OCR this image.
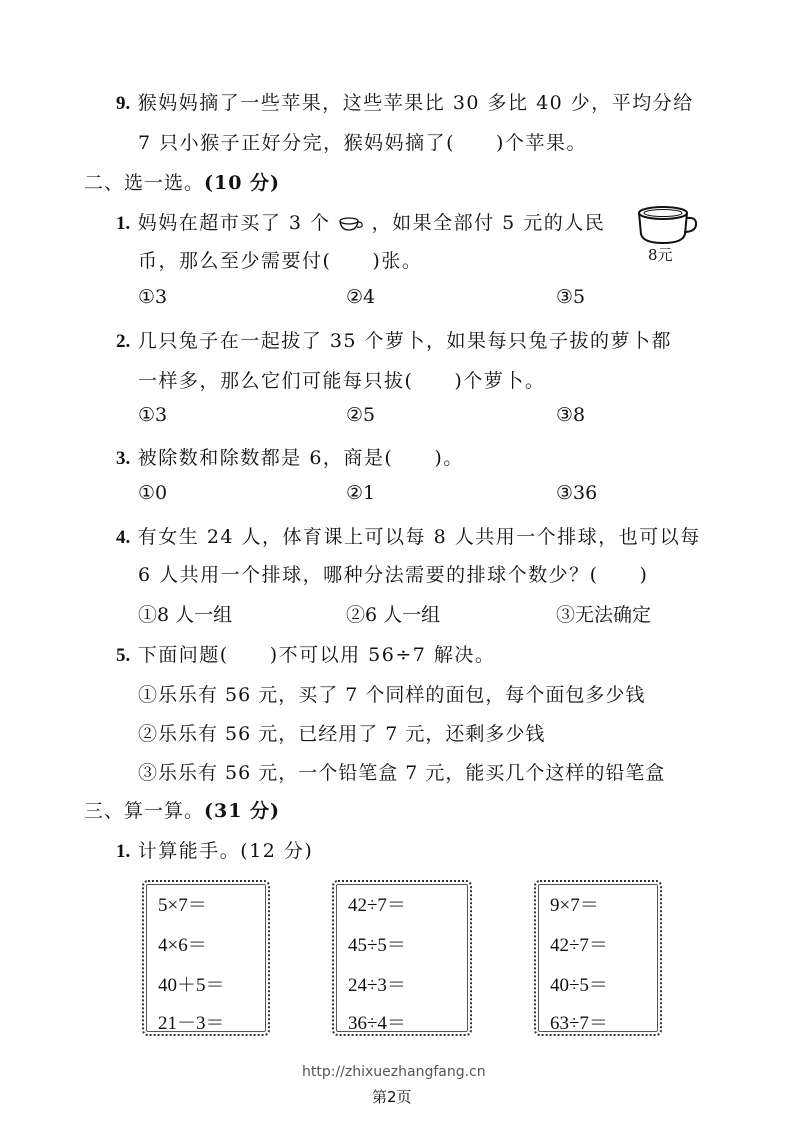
9. 猴妈妈摘了一些苹果，这些苹果比 30 多比 40 少，平均分给
7 只小猴子正好分完，猴妈妈摘了(　　)个苹果。
二、选一选。(10 分)
1. 妈妈在超市买了 3 个 ，如果全部付 5 元的人民
币，那么至少需要付(　　)张。	8元
①3	②4	③5
2. 几只兔子在一起拔了 35 个萝卜，如果每只兔子拔的萝卜都
一样多，那么它们可能每只拔(　　)个萝卜。
①3	②5	③8
3. 被除数和除数都是 6，商是(　　)。
①0	②1	③36
4. 有女生 24 人，体育课上可以每 8 人共用一个排球，也可以每
6 人共用一个排球，哪种分法需要的排球个数少？(　　)
①8 人一组	②6 人一组	③无法确定
5. 下面问题(　　)不可以用 56÷7 解决。
①乐乐有 56 元，买了 7 个同样的面包，每个面包多少钱
②乐乐有 56 元，已经用了 7 元，还剩多少钱
③乐乐有 56 元，一个铅笔盒 7 元，能买几个这样的铅笔盒
三、算一算。(31 分)
1. 计算能手。(12 分)
5×7＝
4×6＝
40＋5＝
21－3＝
42÷7＝
45÷5＝
24÷3＝
36÷4＝
9×7＝
42÷7＝
40÷5＝
63÷7＝
http://zhixuezhangfang.cn
第2页
